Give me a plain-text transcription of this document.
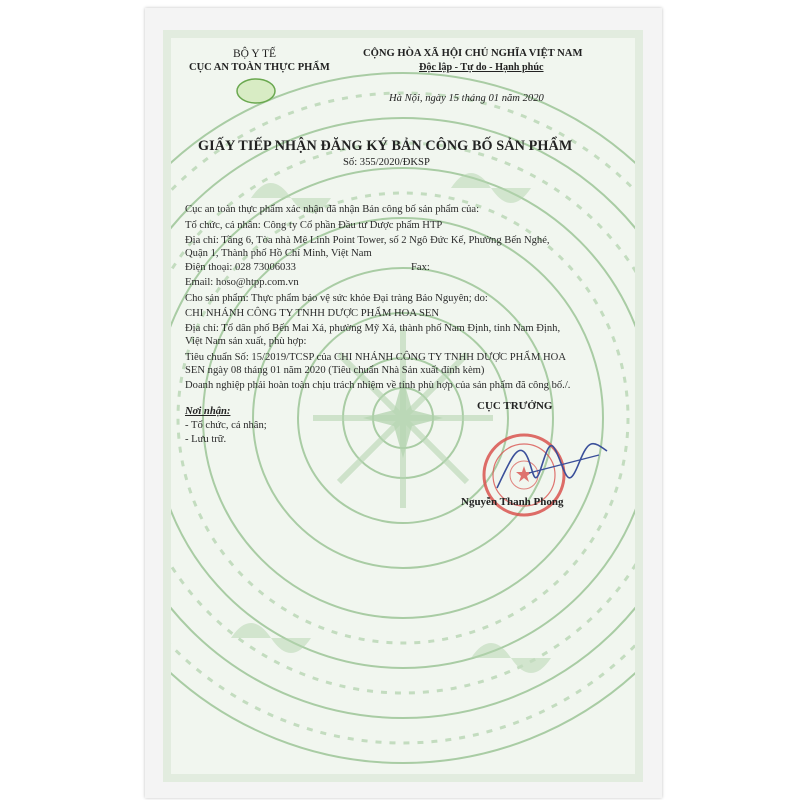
BỘ Y TẾ
CỤC AN TOÀN THỰC PHẨM
CỘNG HÒA XÃ HỘI CHỦ NGHĨA VIỆT NAM
Độc lập - Tự do - Hạnh phúc
Hà Nội, ngày 15 tháng 01 năm 2020
GIẤY TIẾP NHẬN ĐĂNG KÝ BẢN CÔNG BỐ SẢN PHẨM
Số: 355/2020/ĐKSP
Cục an toàn thực phẩm xác nhận đã nhận Bản công bố sản phẩm của:
Tổ chức, cá nhân: Công ty Cổ phần Đầu tư Dược phẩm HTP
Địa chỉ: Tầng 6, Tòa nhà Mê Linh Point Tower, số 2 Ngô Đức Kế, Phường Bến Nghé,
Quận 1, Thành phố Hồ Chí Minh, Việt Nam
Điện thoại: 028 73006033	Fax:
Email: hoso@htpp.com.vn
Cho sản phẩm: Thực phẩm bảo vệ sức khỏe Đại tràng Bảo Nguyên; do:
CHI NHÁNH CÔNG TY TNHH DƯỢC PHẨM HOA SEN
Địa chỉ: Tổ dân phố Bến Mai Xá, phường Mỹ Xá, thành phố Nam Định, tỉnh Nam Định,
Việt Nam sản xuất, phù hợp:
Tiêu chuẩn Số: 15/2019/TCSP của CHI NHÁNH CÔNG TY TNHH DƯỢC PHẨM HOA
SEN ngày 08 tháng 01 năm 2020 (Tiêu chuẩn Nhà Sản xuất đính kèm)
Doanh nghiệp phải hoàn toàn chịu trách nhiệm về tính phù hợp của sản phẩm đã công bố./.
Nơi nhận:
- Tổ chức, cá nhân;
- Lưu trữ.
CỤC TRƯỞNG
Nguyễn Thanh Phong
